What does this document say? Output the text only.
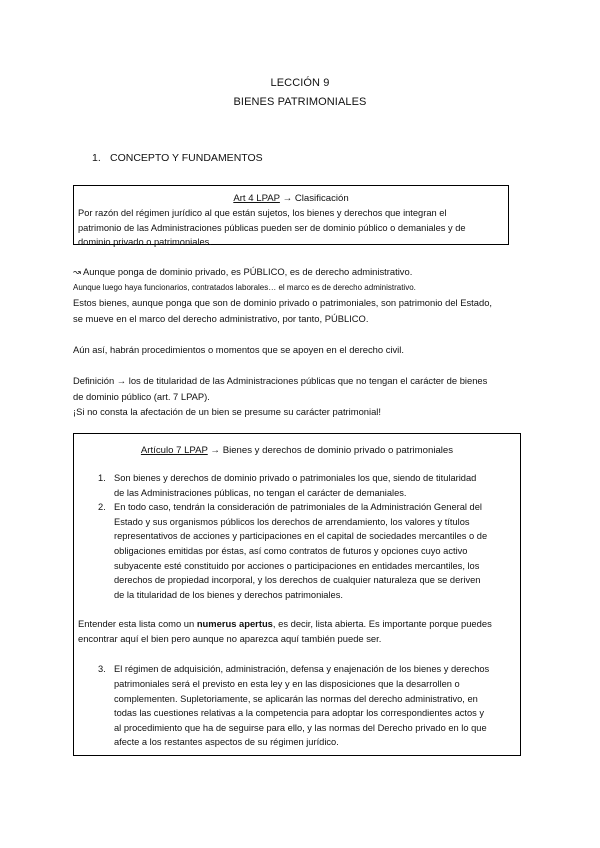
LECCIÓN 9
BIENES PATRIMONIALES
1. CONCEPTO Y FUNDAMENTOS
Art 4 LPAP → Clasificación
Por razón del régimen jurídico al que están sujetos, los bienes y derechos que integran el
patrimonio de las Administraciones públicas pueden ser de dominio público o demaniales y de
dominio privado o patrimoniales.
↝ Aunque ponga de dominio privado, es PÚBLICO, es de derecho administrativo.
Aunque luego haya funcionarios, contratados laborales… el marco es de derecho administrativo.
Estos bienes, aunque ponga que son de dominio privado o patrimoniales, son patrimonio del Estado,
se mueve en el marco del derecho administrativo, por tanto, PÚBLICO.
Aún así, habrán procedimientos o momentos que se apoyen en el derecho civil.
Definición → los de titularidad de las Administraciones públicas que no tengan el carácter de bienes
de dominio público (art. 7 LPAP).
¡Si no consta la afectación de un bien se presume su carácter patrimonial!
Artículo 7 LPAP → Bienes y derechos de dominio privado o patrimoniales
1. Son bienes y derechos de dominio privado o patrimoniales los que, siendo de titularidad
de las Administraciones públicas, no tengan el carácter de demaniales.
2. En todo caso, tendrán la consideración de patrimoniales de la Administración General del
Estado y sus organismos públicos los derechos de arrendamiento, los valores y títulos
representativos de acciones y participaciones en el capital de sociedades mercantiles o de
obligaciones emitidas por éstas, así como contratos de futuros y opciones cuyo activo
subyacente esté constituido por acciones o participaciones en entidades mercantiles, los
derechos de propiedad incorporal, y los derechos de cualquier naturaleza que se deriven
de la titularidad de los bienes y derechos patrimoniales.
Entender esta lista como un numerus apertus, es decir, lista abierta. Es importante porque puedes
encontrar aquí el bien pero aunque no aparezca aquí también puede ser.
3. El régimen de adquisición, administración, defensa y enajenación de los bienes y derechos
patrimoniales será el previsto en esta ley y en las disposiciones que la desarrollen o
complementen. Supletoriamente, se aplicarán las normas del derecho administrativo, en
todas las cuestiones relativas a la competencia para adoptar los correspondientes actos y
al procedimiento que ha de seguirse para ello, y las normas del Derecho privado en lo que
afecte a los restantes aspectos de su régimen jurídico.
